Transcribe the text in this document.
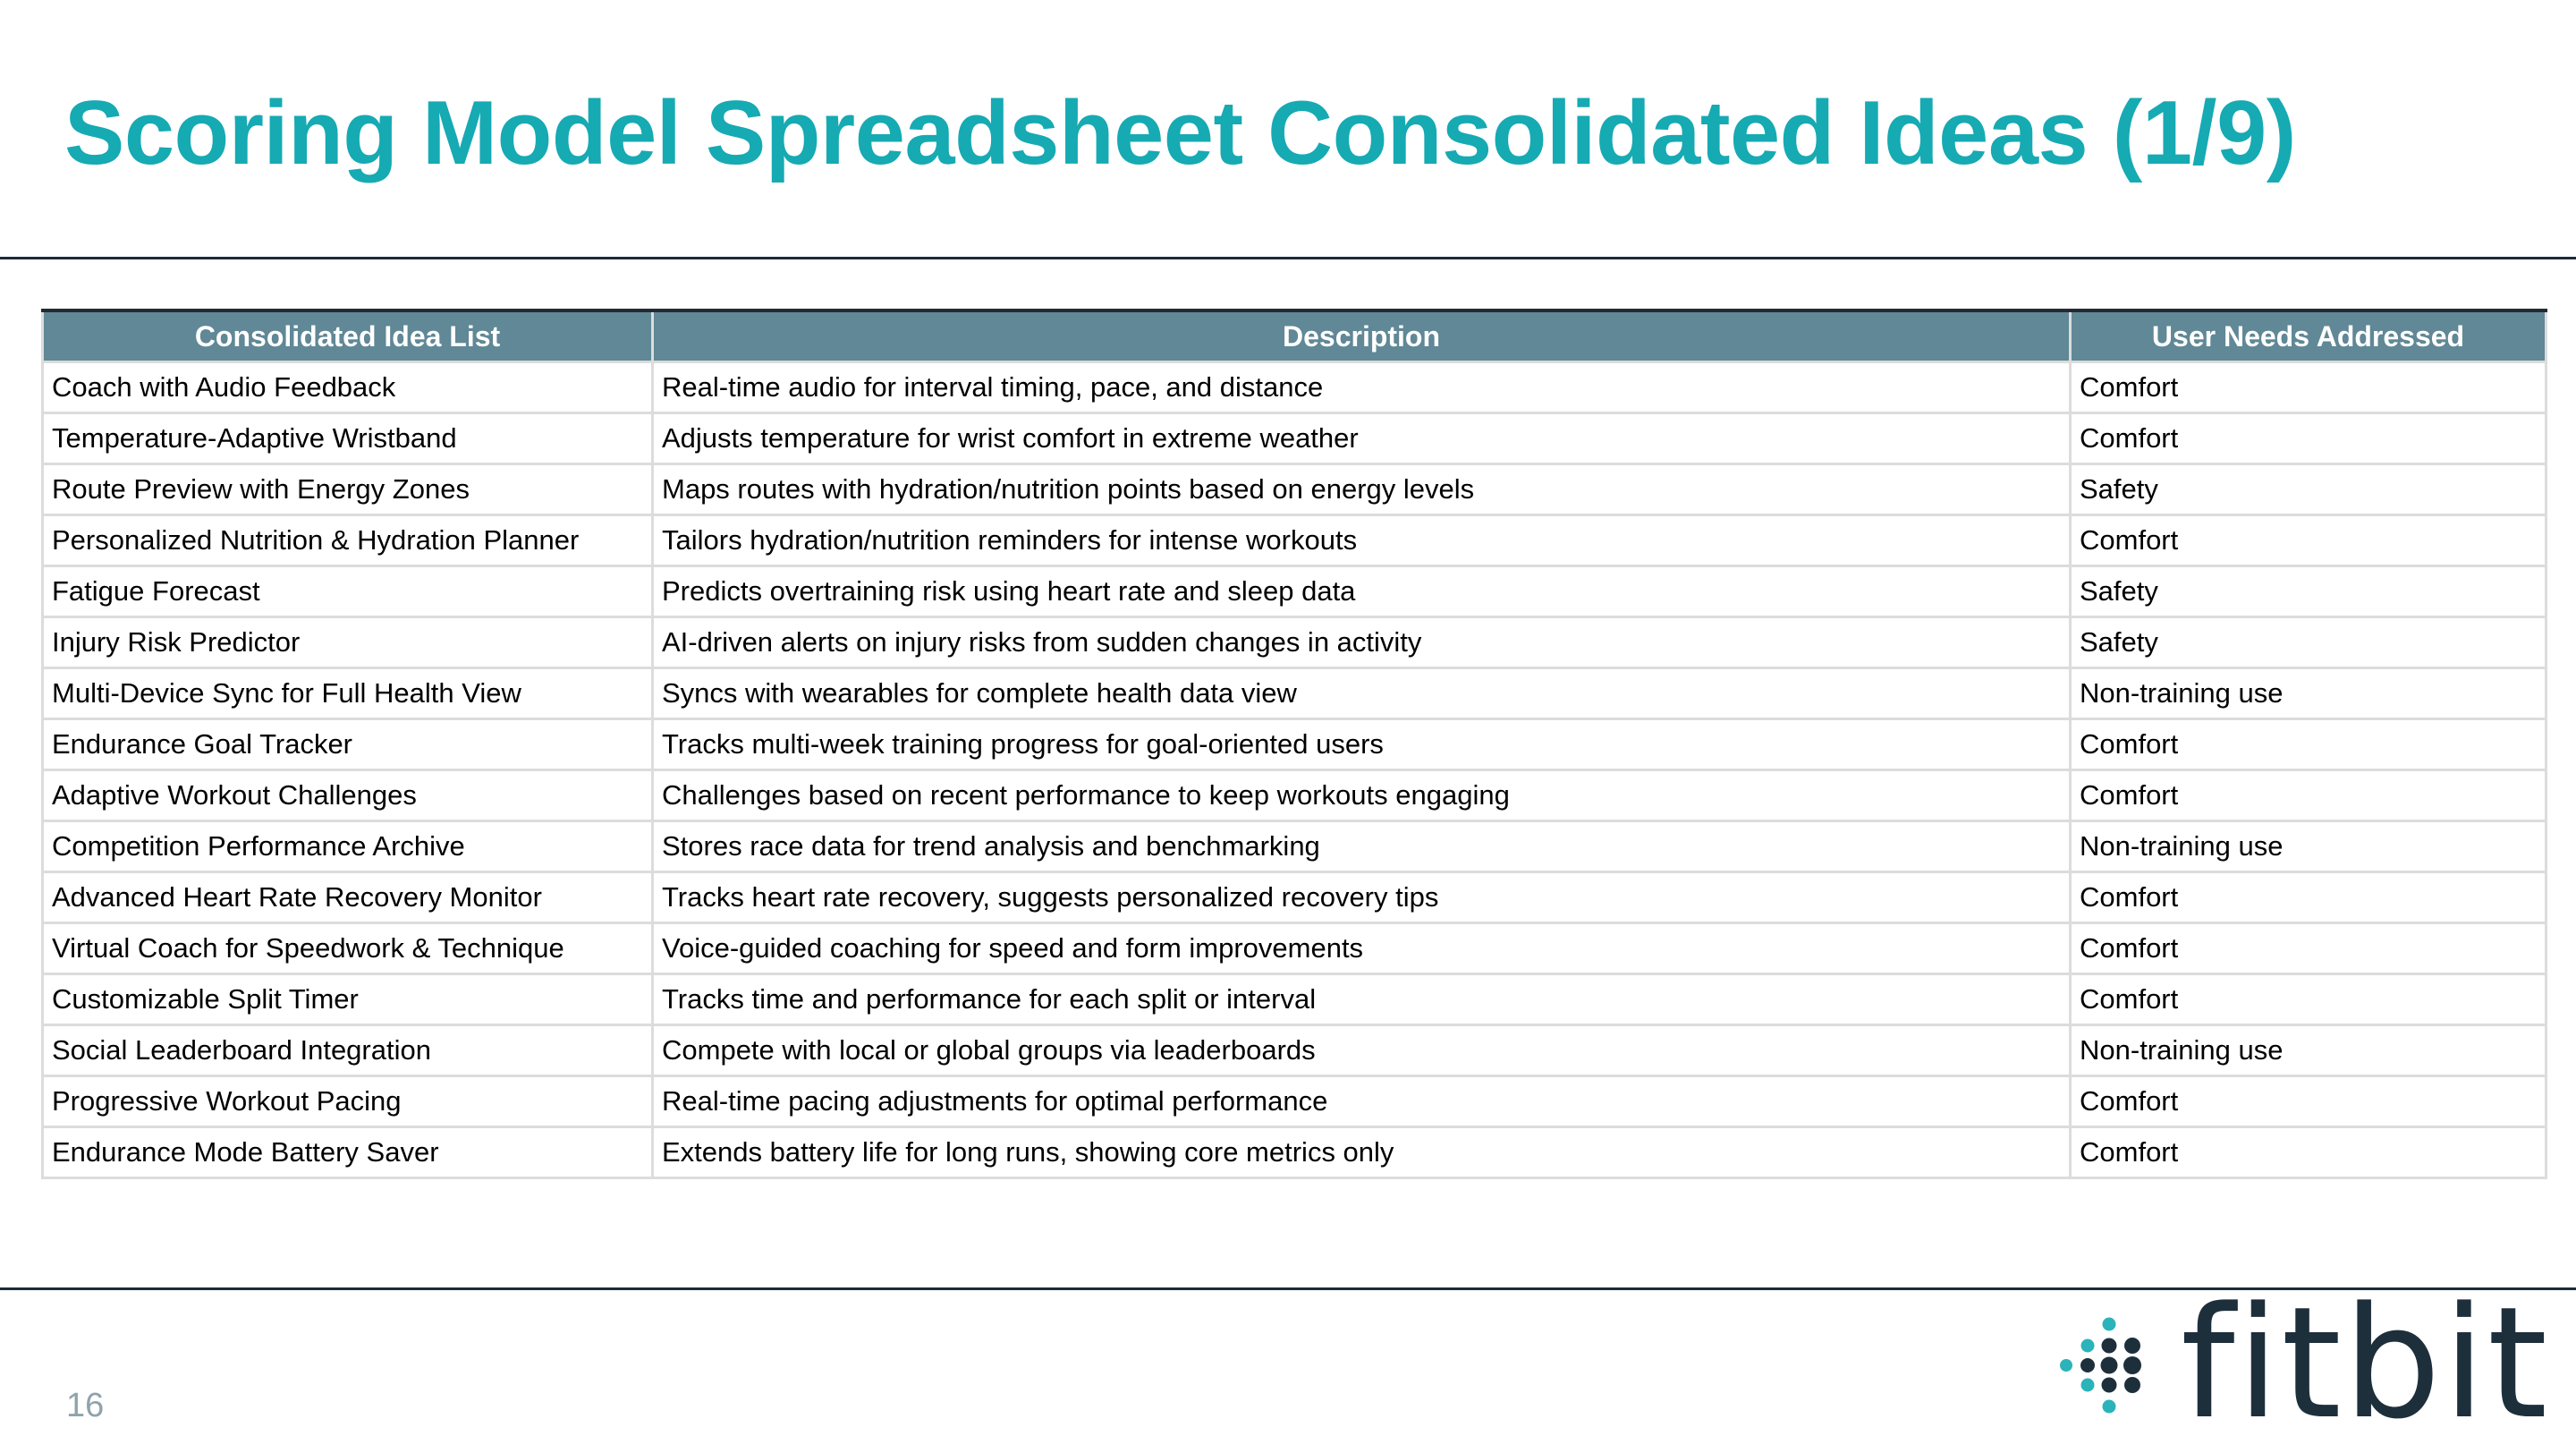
Scoring Model Spreadsheet Consolidated Ideas (1/9)
Consolidated Idea List	Description	User Needs Addressed
Coach with Audio Feedback	Real-time audio for interval timing, pace, and distance	Comfort
Temperature-Adaptive Wristband	Adjusts temperature for wrist comfort in extreme weather	Comfort
Route Preview with Energy Zones	Maps routes with hydration/nutrition points based on energy levels	Safety
Personalized Nutrition & Hydration Planner	Tailors hydration/nutrition reminders for intense workouts	Comfort
Fatigue Forecast	Predicts overtraining risk using heart rate and sleep data	Safety
Injury Risk Predictor	AI-driven alerts on injury risks from sudden changes in activity	Safety
Multi-Device Sync for Full Health View	Syncs with wearables for complete health data view	Non-training use
Endurance Goal Tracker	Tracks multi-week training progress for goal-oriented users	Comfort
Adaptive Workout Challenges	Challenges based on recent performance to keep workouts engaging	Comfort
Competition Performance Archive	Stores race data for trend analysis and benchmarking	Non-training use
Advanced Heart Rate Recovery Monitor	Tracks heart rate recovery, suggests personalized recovery tips	Comfort
Virtual Coach for Speedwork & Technique	Voice-guided coaching for speed and form improvements	Comfort
Customizable Split Timer	Tracks time and performance for each split or interval	Comfort
Social Leaderboard Integration	Compete with local or global groups via leaderboards	Non-training use
Progressive Workout Pacing	Real-time pacing adjustments for optimal performance	Comfort
Endurance Mode Battery Saver	Extends battery life for long runs, showing core metrics only	Comfort
16	fitbit
